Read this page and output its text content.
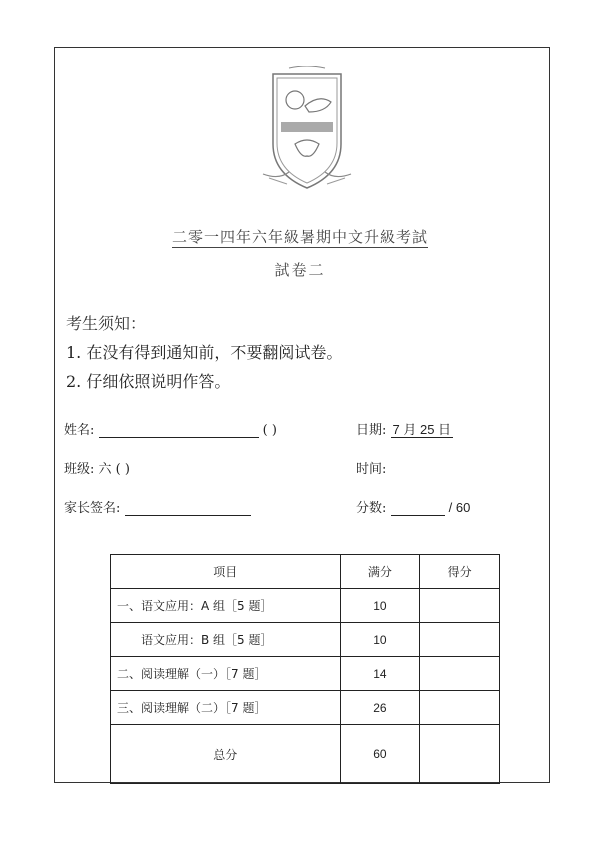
二零一四年六年級暑期中文升級考試
試卷二
考生须知：
1. 在没有得到通知前，不要翻阅试卷。
2. 仔细依照说明作答。
姓名:	( )	日期: 7 月 25 日
班级: 六 ( )	时间:
家长签名:	分数:	/ 60
项目	满分	得分
一、语文应用：A 组［5 题］	10	
语文应用：B 组［5 题］	10	
二、阅读理解（一）［7 题］	14	
三、阅读理解（二）［7 题］	26	
总分	60	
